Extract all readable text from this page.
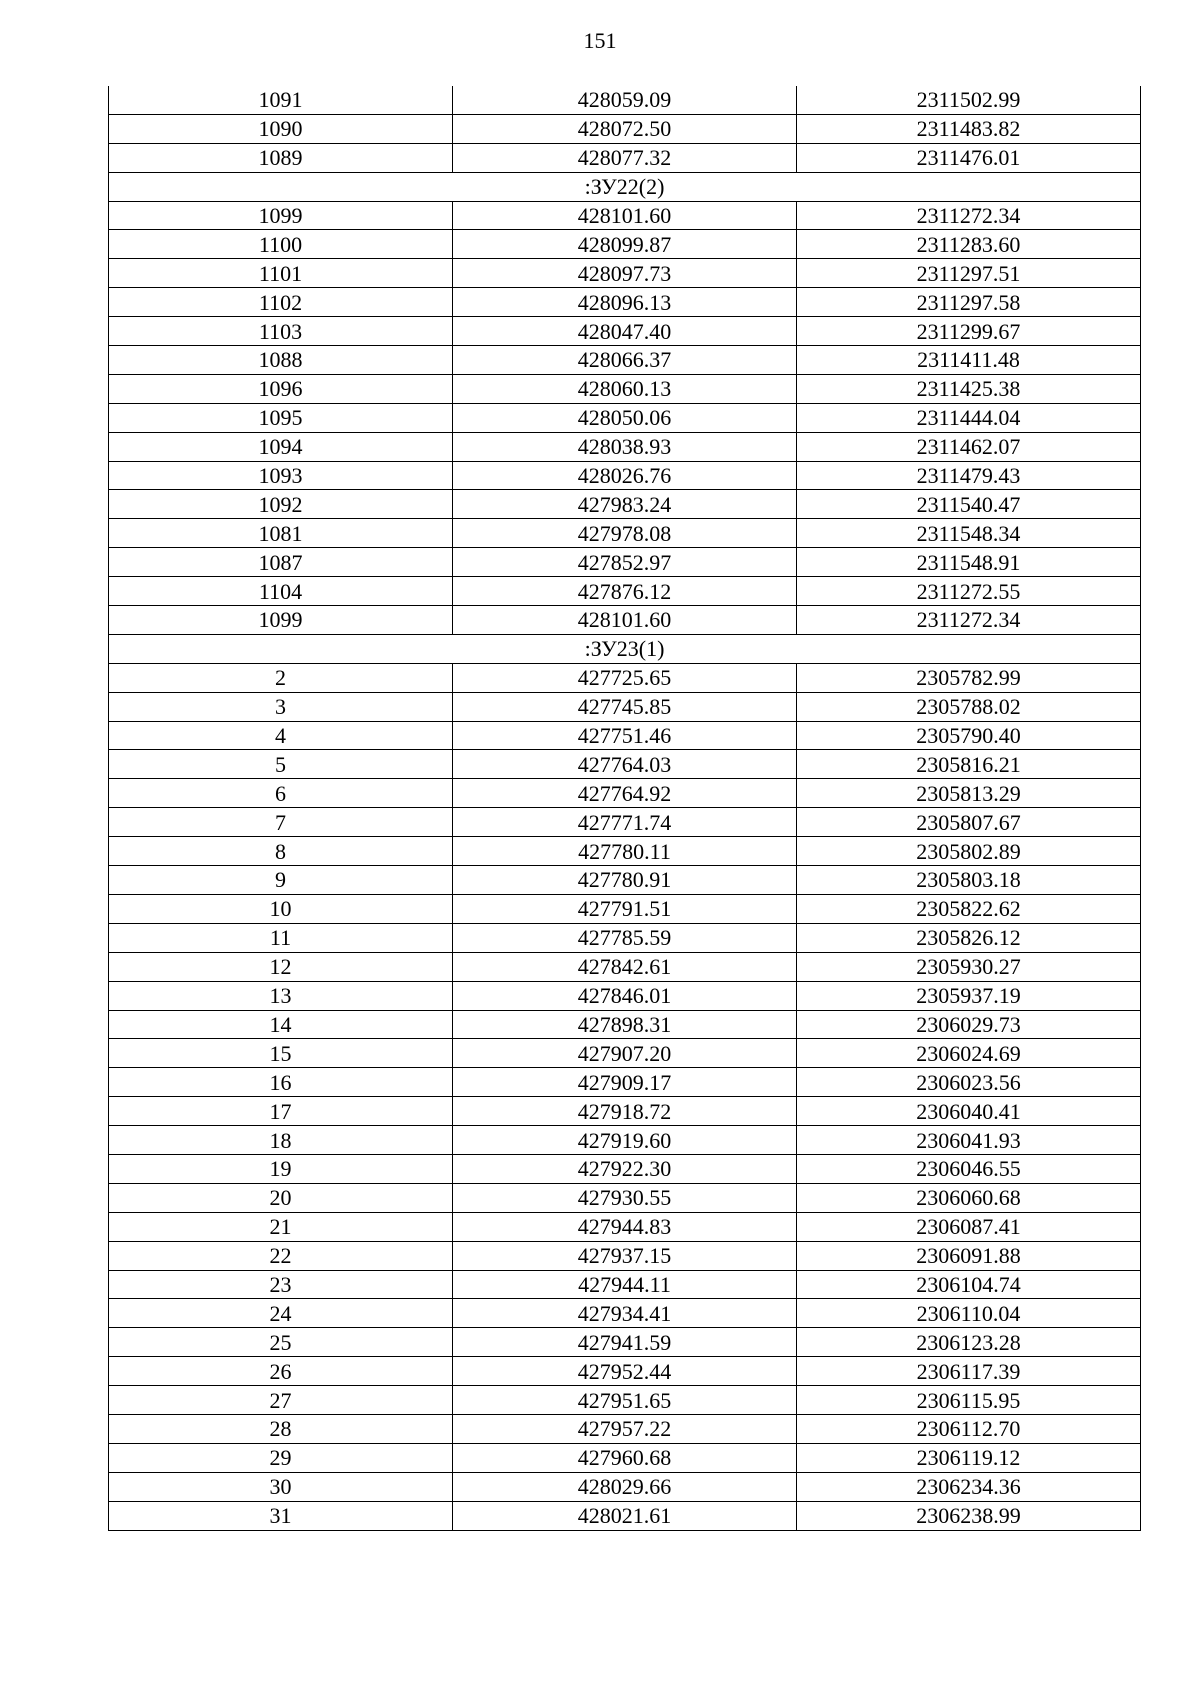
151
1091	428059.09	2311502.99
1090	428072.50	2311483.82
1089	428077.32	2311476.01
:ЗУ22(2)		
1099	428101.60	2311272.34
1100	428099.87	2311283.60
1101	428097.73	2311297.51
1102	428096.13	2311297.58
1103	428047.40	2311299.67
1088	428066.37	2311411.48
1096	428060.13	2311425.38
1095	428050.06	2311444.04
1094	428038.93	2311462.07
1093	428026.76	2311479.43
1092	427983.24	2311540.47
1081	427978.08	2311548.34
1087	427852.97	2311548.91
1104	427876.12	2311272.55
1099	428101.60	2311272.34
:ЗУ23(1)		
2	427725.65	2305782.99
3	427745.85	2305788.02
4	427751.46	2305790.40
5	427764.03	2305816.21
6	427764.92	2305813.29
7	427771.74	2305807.67
8	427780.11	2305802.89
9	427780.91	2305803.18
10	427791.51	2305822.62
11	427785.59	2305826.12
12	427842.61	2305930.27
13	427846.01	2305937.19
14	427898.31	2306029.73
15	427907.20	2306024.69
16	427909.17	2306023.56
17	427918.72	2306040.41
18	427919.60	2306041.93
19	427922.30	2306046.55
20	427930.55	2306060.68
21	427944.83	2306087.41
22	427937.15	2306091.88
23	427944.11	2306104.74
24	427934.41	2306110.04
25	427941.59	2306123.28
26	427952.44	2306117.39
27	427951.65	2306115.95
28	427957.22	2306112.70
29	427960.68	2306119.12
30	428029.66	2306234.36
31	428021.61	2306238.99
